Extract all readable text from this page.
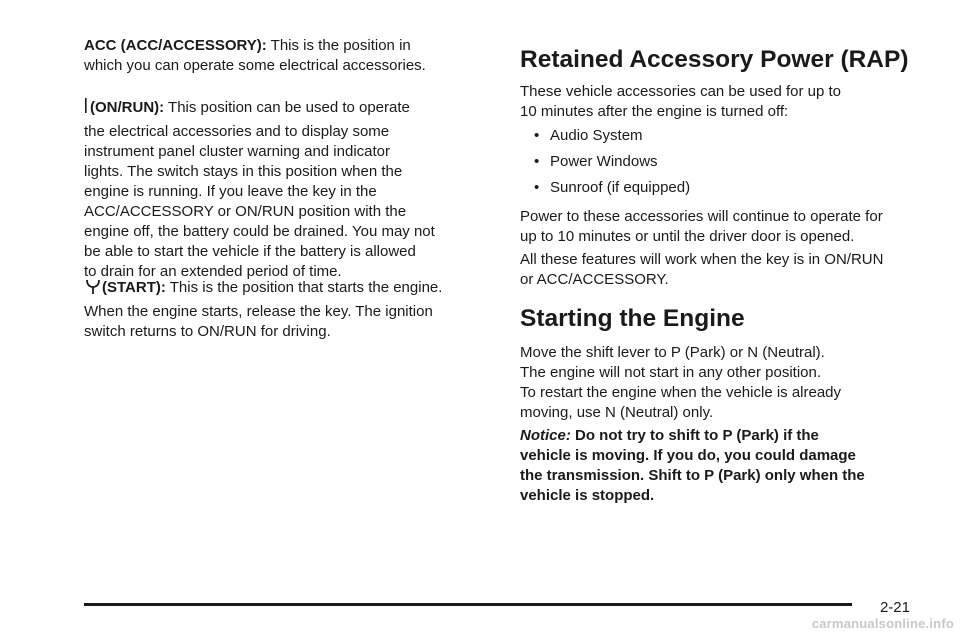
ACC (ACC/ACCESSORY): This is the position in
which you can operate some electrical accessories.

(ON/RUN): This position can be used to operate
the electrical accessories and to display some
instrument panel cluster warning and indicator
lights. The switch stays in this position when the
engine is running. If you leave the key in the
ACC/ACCESSORY or ON/RUN position with the
engine off, the battery could be drained. You may not
be able to start the vehicle if the battery is allowed
to drain for an extended period of time.

(START): This is the position that starts the engine.
When the engine starts, release the key. The ignition
switch returns to ON/RUN for driving.

Retained Accessory Power (RAP)

These vehicle accessories can be used for up to
10 minutes after the engine is turned off:

• Audio System
• Power Windows
• Sunroof (if equipped)

Power to these accessories will continue to operate for
up to 10 minutes or until the driver door is opened.

All these features will work when the key is in ON/RUN
or ACC/ACCESSORY.

Starting the Engine

Move the shift lever to P (Park) or N (Neutral).
The engine will not start in any other position.
To restart the engine when the vehicle is already
moving, use N (Neutral) only.

Notice: Do not try to shift to P (Park) if the
vehicle is moving. If you do, you could damage
the transmission. Shift to P (Park) only when the
vehicle is stopped.

2-21
carmanualsonline.info
